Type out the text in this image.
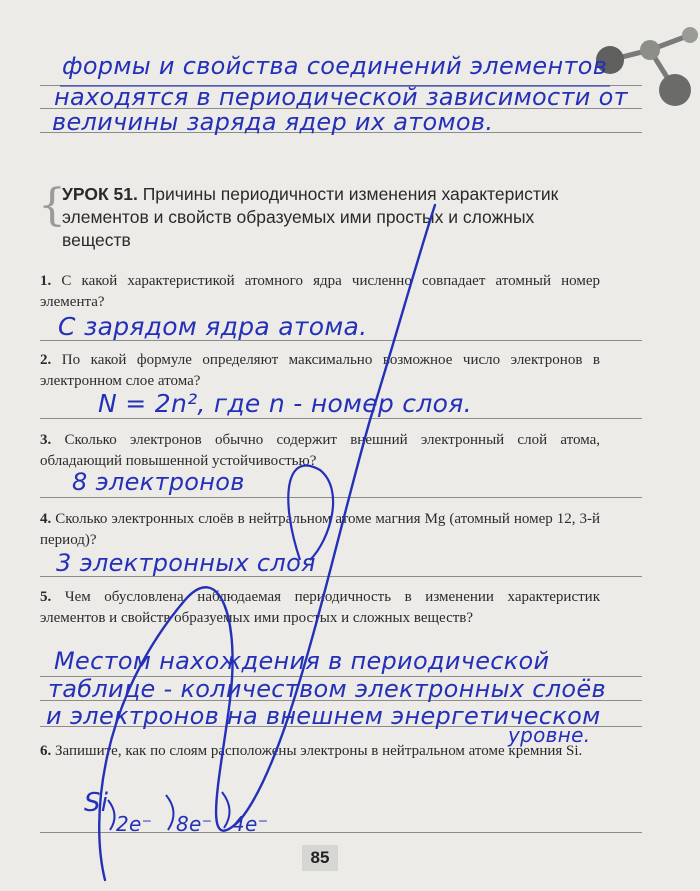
формы и свойства соединений элементов
находятся в периодической зависимости от
величины заряда ядер их атомов.
{
УРОК 51. Причины периодичности изменения характеристик элементов и свойств образуемых ими простых и сложных веществ
1. С какой характеристикой атомного ядра численно совпадает атомный номер элемента?
С зарядом ядра атома.
2. По какой формуле определяют максимально возможное число электронов в электронном слое атома?
N = 2n², где n - номер слоя.
3. Сколько электронов обычно содержит внешний электронный слой атома, обладающий повышенной устойчивостью?
8 электронов
4. Сколько электронных слоёв в нейтральном атоме магния Mg (атомный номер 12, 3-й период)?
3 электронных слоя
5. Чем обусловлена наблюдаемая периодичность в изменении характеристик элементов и свойств образуемых ими простых и сложных веществ?
Местом нахождения в периодической
таблице - количеством электронных слоёв
и электронов на внешнем энергетическом
уровне.
6. Запишите, как по слоям расположены электроны в нейтральном атоме кремния Si.
Si
2e⁻ 8e⁻ 4e⁻
85
